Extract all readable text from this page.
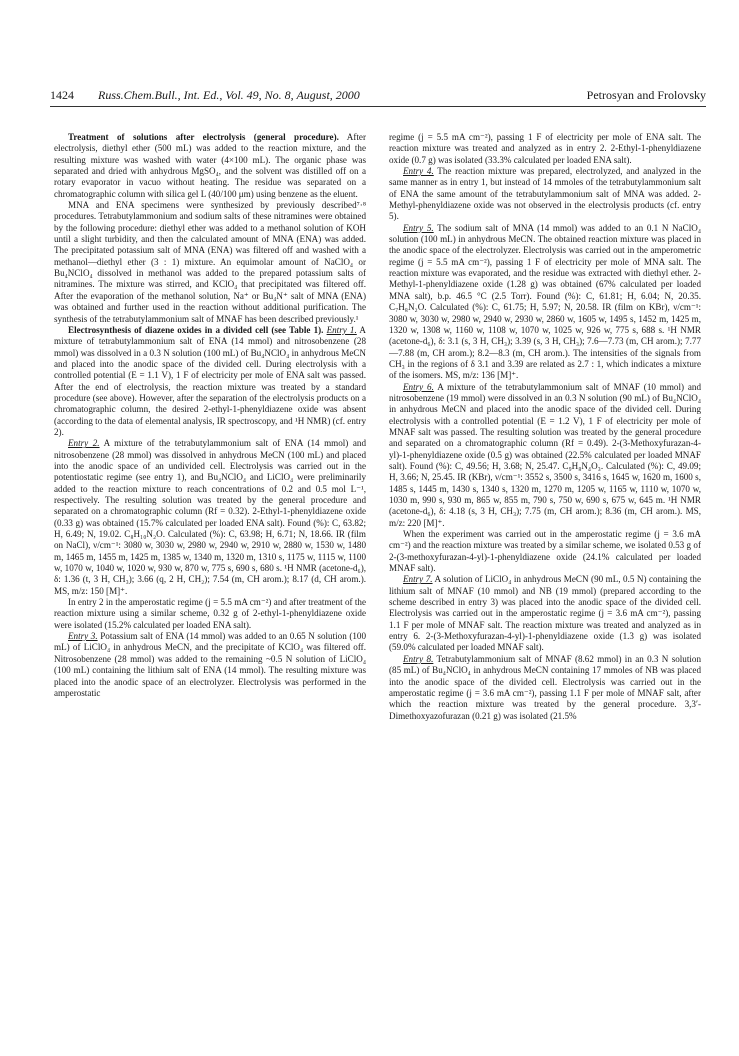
1424 Russ.Chem.Bull., Int. Ed., Vol. 49, No. 8, August, 2000	Petrosyan and Frolovsky

Treatment of solutions after electrolysis (general procedure). After electrolysis, diethyl ether (500 mL) was added to the reaction mixture, and the resulting mixture was washed with water (4×100 mL). The organic phase was separated and dried with anhydrous MgSO₄, and the solvent was distilled off on a rotary evaporator in vacuo without heating. The residue was separated on a chromatographic column with silica gel L (40/100 μm) using benzene as the eluent.

MNA and ENA specimens were synthesized by previously described⁷·⁸ procedures. Tetrabutylammonium and sodium salts of these nitramines were obtained by the following procedure: diethyl ether was added to a methanol solution of KOH until a slight turbidity, and then the calculated amount of MNA (ENA) was added. The precipitated potassium salt of MNA (ENA) was filtered off and washed with a methanol—diethyl ether (3 : 1) mixture. An equimolar amount of NaClO₄ or Bu₄NClO₄ dissolved in methanol was added to the prepared potassium salts of nitramines. The mixture was stirred, and KClO₄ that precipitated was filtered off. After the evaporation of the methanol solution, Na⁺ or Bu₄N⁺ salt of MNA (ENA) was obtained and further used in the reaction without additional purification. The synthesis of the tetrabutylammonium salt of MNAF has been described previously.¹

Electrosynthesis of diazene oxides in a divided cell (see Table 1). Entry 1. A mixture of tetrabutylammonium salt of ENA (14 mmol) and nitrosobenzene (28 mmol) was dissolved in a 0.3 N solution (100 mL) of Bu₄NClO₄ in anhydrous MeCN and placed into the anodic space of the divided cell. During electrolysis with a controlled potential (E = 1.1 V), 1 F of electricity per mole of ENA salt was passed. After the end of electrolysis, the reaction mixture was treated by a standard procedure (see above). However, after the separation of the electrolysis products on a chromatographic column, the desired 2-ethyl-1-phenyldiazene oxide was absent (according to the data of elemental analysis, IR spectroscopy, and ¹H NMR) (cf. entry 2).

Entry 2. A mixture of the tetrabutylammonium salt of ENA (14 mmol) and nitrosobenzene (28 mmol) was dissolved in anhydrous MeCN (100 mL) and placed into the anodic space of an undivided cell. Electrolysis was carried out in the potentiostatic regime (see entry 1), and Bu₄NClO₄ and LiClO₄ were preliminarily added to the reaction mixture to reach concentrations of 0.2 and 0.5 mol L⁻¹, respectively. The resulting solution was treated by the general procedure and separated on a chromatographic column (Rf = 0.32). 2-Ethyl-1-phenyldiazene oxide (0.33 g) was obtained (15.7% calculated per loaded ENA salt). Found (%): C, 63.82; H, 6.49; N, 19.02. C₈H₁₀N₂O. Calculated (%): C, 63.98; H, 6.71; N, 18.66. IR (film on NaCl), ν/cm⁻¹: 3080 w, 3030 w, 2980 w, 2940 w, 2910 w, 2880 w, 1530 w, 1480 m, 1465 m, 1455 m, 1425 m, 1385 w, 1340 m, 1320 m, 1310 s, 1175 w, 1115 w, 1100 w, 1070 w, 1040 w, 1020 w, 930 w, 870 w, 775 s, 690 s, 680 s. ¹H NMR (acetone-d₆), δ: 1.36 (t, 3 H, CH₃); 3.66 (q, 2 H, CH₂); 7.54 (m, CH arom.); 8.17 (d, CH arom.). MS, m/z: 150 [M]⁺.

In entry 2 in the amperostatic regime (j = 5.5 mA cm⁻²) and after treatment of the reaction mixture using a similar scheme, 0.32 g of 2-ethyl-1-phenyldiazene oxide were isolated (15.2% calculated per loaded ENA salt).

Entry 3. Potassium salt of ENA (14 mmol) was added to an 0.65 N solution (100 mL) of LiClO₄ in anhydrous MeCN, and the precipitate of KClO₄ was filtered off. Nitrosobenzene (28 mmol) was added to the remaining ~0.5 N solution of LiClO₄ (100 mL) containing the lithium salt of ENA (14 mmol). The resulting mixture was placed into the anodic space of an electrolyzer. Electrolysis was performed in the amperostatic

regime (j = 5.5 mA cm⁻²), passing 1 F of electricity per mole of ENA salt. The reaction mixture was treated and analyzed as in entry 2. 2-Ethyl-1-phenyldiazene oxide (0.7 g) was isolated (33.3% calculated per loaded ENA salt).

Entry 4. The reaction mixture was prepared, electrolyzed, and analyzed in the same manner as in entry 1, but instead of 14 mmoles of the tetrabutylammonium salt of ENA the same amount of the tetrabutylammonium salt of MNA was added. 2-Methyl-phenyldiazene oxide was not observed in the electrolysis products (cf. entry 5).

Entry 5. The sodium salt of MNA (14 mmol) was added to an 0.1 N NaClO₄ solution (100 mL) in anhydrous MeCN. The obtained reaction mixture was placed in the anodic space of the electrolyzer. Electrolysis was carried out in the amperometric regime (j = 5.5 mA cm⁻²), passing 1 F of electricity per mole of MNA salt. The reaction mixture was evaporated, and the residue was extracted with diethyl ether. 2-Methyl-1-phenyldiazene oxide (1.28 g) was obtained (67% calculated per loaded MNA salt), b.p. 46.5 °C (2.5 Torr). Found (%): C, 61.81; H, 6.04; N, 20.35. C₇H₈N₂O. Calculated (%): C, 61.75; H, 5.97; N, 20.58. IR (film on KBr), ν/cm⁻¹: 3080 w, 3030 w, 2980 w, 2940 w, 2930 w, 2860 w, 1605 w, 1495 s, 1452 m, 1425 m, 1320 w, 1308 w, 1160 w, 1108 w, 1070 w, 1025 w, 926 w, 775 s, 688 s. ¹H NMR (acetone-d₆), δ: 3.1 (s, 3 H, CH₃); 3.39 (s, 3 H, CH₃); 7.6—7.73 (m, CH arom.); 7.77—7.88 (m, CH arom.); 8.2—8.3 (m, CH arom.). The intensities of the signals from CH₃ in the regions of δ 3.1 and 3.39 are related as 2.7 : 1, which indicates a mixture of the isomers. MS, m/z: 136 [M]⁺.

Entry 6. A mixture of the tetrabutylammonium salt of MNAF (10 mmol) and nitrosobenzene (19 mmol) were dissolved in an 0.3 N solution (90 mL) of Bu₄NClO₄ in anhydrous MeCN and placed into the anodic space of the divided cell. During electrolysis with a controlled potential (E = 1.2 V), 1 F of electricity per mole of MNAF salt was passed. The resulting solution was treated by the general procedure and separated on a chromatographic column (Rf = 0.49). 2-(3-Methoxyfurazan-4-yl)-1-phenyldiazene oxide (0.5 g) was obtained (22.5% calculated per loaded MNAF salt). Found (%): C, 49.56; H, 3.68; N, 25.47. C₉H₈N₄O₃. Calculated (%): C, 49.09; H, 3.66; N, 25.45. IR (KBr), ν/cm⁻¹: 3552 s, 3500 s, 3416 s, 1645 w, 1620 m, 1600 s, 1485 s, 1445 m, 1430 s, 1340 s, 1320 m, 1270 m, 1205 w, 1165 w, 1110 w, 1070 w, 1030 m, 990 s, 930 m, 865 w, 855 m, 790 s, 750 w, 690 s, 675 w, 645 m. ¹H NMR (acetone-d₆), δ: 4.18 (s, 3 H, CH₃); 7.75 (m, CH arom.); 8.36 (m, CH arom.). MS, m/z: 220 [M]⁺.

When the experiment was carried out in the amperostatic regime (j = 3.6 mA cm⁻²) and the reaction mixture was treated by a similar scheme, we isolated 0.53 g of 2-(3-methoxyfurazan-4-yl)-1-phenyldiazene oxide (24.1% calculated per loaded MNAF salt).

Entry 7. A solution of LiClO₄ in anhydrous MeCN (90 mL, 0.5 N) containing the lithium salt of MNAF (10 mmol) and NB (19 mmol) (prepared according to the scheme described in entry 3) was placed into the anodic space of the divided cell. Electrolysis was carried out in the amperostatic regime (j = 3.6 mA cm⁻²), passing 1.1 F per mole of MNAF salt. The reaction mixture was treated and analyzed as in entry 6. 2-(3-Methoxyfurazan-4-yl)-1-phenyldiazene oxide (1.3 g) was isolated (59.0% calculated per loaded MNAF salt).

Entry 8. Tetrabutylammonium salt of MNAF (8.62 mmol) in an 0.3 N solution (85 mL) of Bu₄NClO₄ in anhydrous MeCN containing 17 mmoles of NB was placed into the anodic space of the divided cell. Electrolysis was carried out in the amperostatic regime (j = 3.6 mA cm⁻²), passing 1.1 F per mole of MNAF salt, after which the reaction mixture was treated by the general procedure. 3,3′-Dimethoxyazofurazan (0.21 g) was isolated (21.5%
